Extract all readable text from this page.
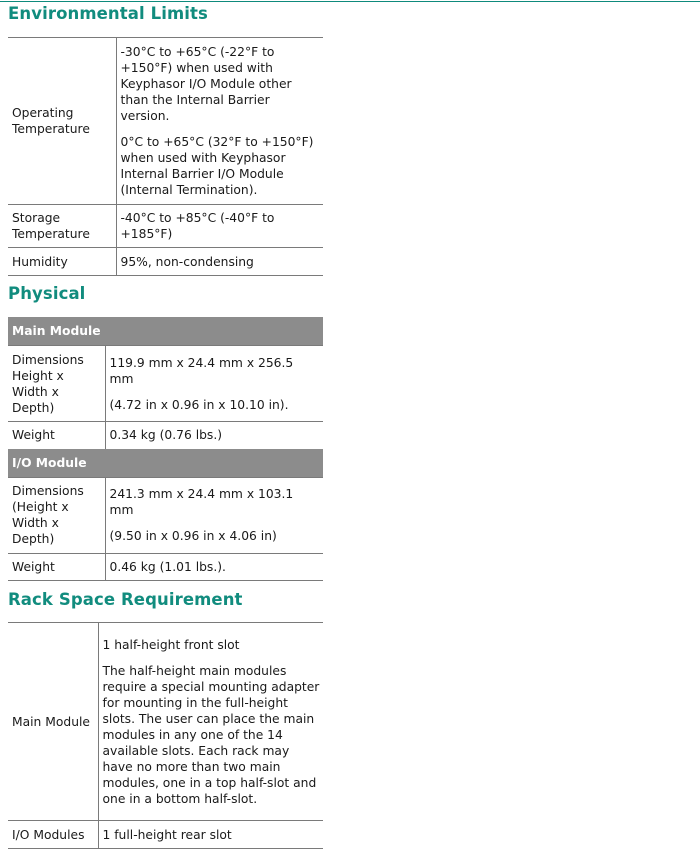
Environmental Limits
Operating Temperature	-30°C to +65°C (-22°F to +150°F) when used with Keyphasor I/O Module other than the Internal Barrier version.

0°C to +65°C (32°F to +150°F) when used with Keyphasor Internal Barrier I/O Module (Internal Termination).

Storage Temperature	-40°C to +85°C (-40°F to +185°F)
Humidity	95%, non-condensing
Physical
Main Module	
Dimensions Height x Width x Depth)	119.9 mm x 24.4 mm x 256.5 mm

(4.72 in x 0.96 in x 10.10 in).

Weight	0.34 kg (0.76 lbs.)
I/O Module	
Dimensions (Height x Width x Depth)	241.3 mm x 24.4 mm x 103.1 mm

(9.50 in x 0.96 in x 4.06 in)

Weight	0.46 kg (1.01 lbs.).
Rack Space Requirement
Main Module	1 half-height front slot

The half-height main modules require a special mounting adapter for mounting in the full-height slots. The user can place the main modules in any one of the 14 available slots. Each rack may have no more than two main modules, one in a top half-slot and one in a bottom half-slot.

I/O Modules	1 full-height rear slot
